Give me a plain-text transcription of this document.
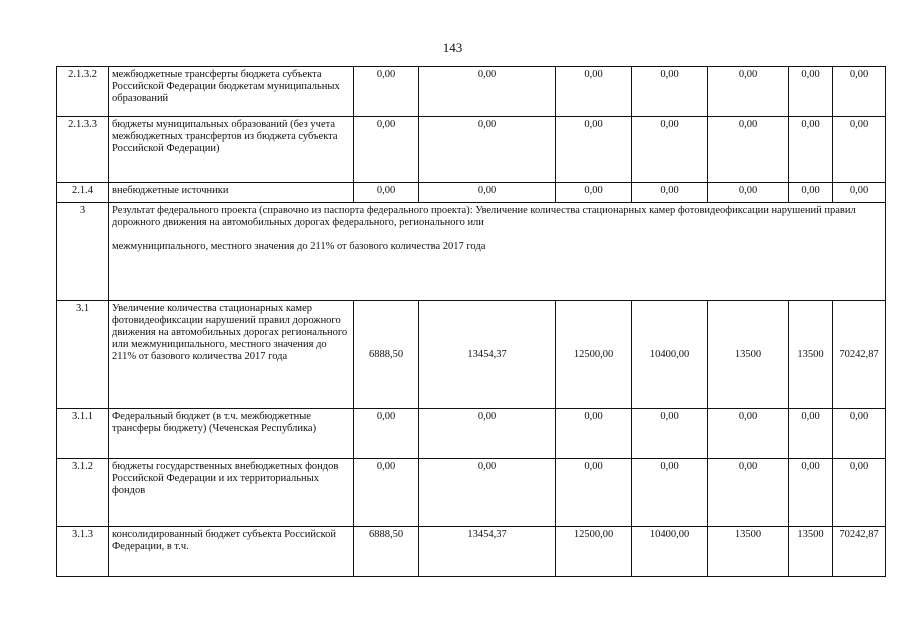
143
2.1.3.2	межбюджетные трансферты бюджета субъекта Российской Федерации бюджетам муниципальных образований	0,00	0,00	0,00	0,00	0,00	0,00	0,00
2.1.3.3	бюджеты муниципальных образований (без учета межбюджетных трансфертов из бюджета субъекта Российской Федерации)	0,00	0,00	0,00	0,00	0,00	0,00	0,00
2.1.4	внебюджетные источники	0,00	0,00	0,00	0,00	0,00	0,00	0,00
3	Результат федерального проекта (справочно из паспорта федерального проекта): Увеличение количества стационарных камер фотовидеофиксации нарушений правил дорожного движения на автомобильных дорогах федерального, регионального или
межмуниципального, местного значения до 211% от базового количества 2017 года							

3.1	Увеличение количества стационарных камер фотовидеофиксации нарушений правил дорожного движения на автомобильных дорогах регионального или межмуниципального, местного значения до 211% от базового количества 2017 года	6888,50	13454,37	12500,00	10400,00	13500	13500	70242,87
3.1.1	Федеральный бюджет (в т.ч. межбюджетные трансферы бюджету) (Чеченская Республика)	0,00	0,00	0,00	0,00	0,00	0,00	0,00
3.1.2	бюджеты государственных внебюджетных фондов Российской Федерации и их территориальных фондов	0,00	0,00	0,00	0,00	0,00	0,00	0,00
3.1.3	консолидированный бюджет субъекта Российской Федерации, в т.ч.	6888,50	13454,37	12500,00	10400,00	13500	13500	70242,87
